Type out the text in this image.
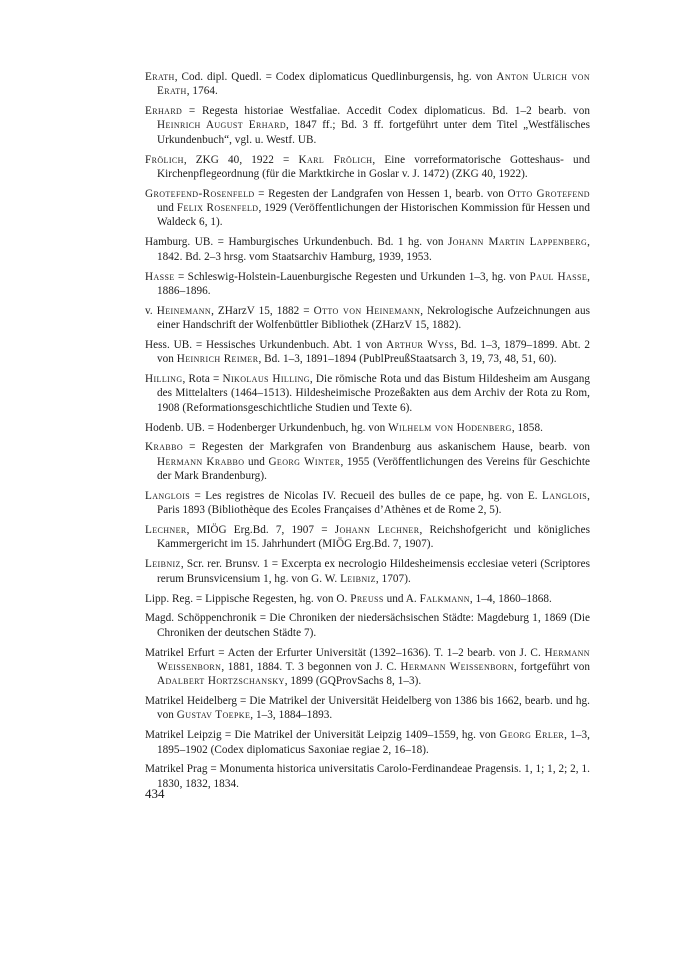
Erath, Cod. dipl. Quedl. = Codex diplomaticus Quedlinburgensis, hg. von Anton Ulrich von Erath, 1764.

Erhard = Regesta historiae Westfaliae. Accedit Codex diplomaticus. Bd. 1–2 bearb. von Heinrich August Erhard, 1847 ff.; Bd. 3 ff. fortgeführt unter dem Titel „Westfälisches Urkundenbuch“, vgl. u. Westf. UB.

Frölich, ZKG 40, 1922 = Karl Frölich, Eine vorreformatorische Gotteshaus- und Kirchenpflegeordnung (für die Marktkirche in Goslar v. J. 1472) (ZKG 40, 1922).

Grotefend-Rosenfeld = Regesten der Landgrafen von Hessen 1, bearb. von Otto Grotefend und Felix Rosenfeld, 1929 (Veröffentlichungen der Historischen Kommission für Hessen und Waldeck 6, 1).

Hamburg. UB. = Hamburgisches Urkundenbuch. Bd. 1 hg. von Johann Martin Lappenberg, 1842. Bd. 2–3 hrsg. vom Staatsarchiv Hamburg, 1939, 1953.

Hasse = Schleswig-Holstein-Lauenburgische Regesten und Urkunden 1–3, hg. von Paul Hasse, 1886–1896.

v. Heinemann, ZHarzV 15, 1882 = Otto von Heinemann, Nekrologische Aufzeichnungen aus einer Handschrift der Wolfenbüttler Bibliothek (ZHarzV 15, 1882).

Hess. UB. = Hessisches Urkundenbuch. Abt. 1 von Arthur Wyss, Bd. 1–3, 1879–1899. Abt. 2 von Heinrich Reimer, Bd. 1–3, 1891–1894 (PublPreußStaatsarch 3, 19, 73, 48, 51, 60).

Hilling, Rota = Nikolaus Hilling, Die römische Rota und das Bistum Hildesheim am Ausgang des Mittelalters (1464–1513). Hildesheimische Prozeßakten aus dem Archiv der Rota zu Rom, 1908 (Reformationsgeschichtliche Studien und Texte 6).

Hodenb. UB. = Hodenberger Urkundenbuch, hg. von Wilhelm von Hodenberg, 1858.

Krabbo = Regesten der Markgrafen von Brandenburg aus askanischem Hause, bearb. von Hermann Krabbo und Georg Winter, 1955 (Veröffentlichungen des Vereins für Geschichte der Mark Brandenburg).

Langlois = Les registres de Nicolas IV. Recueil des bulles de ce pape, hg. von E. Langlois, Paris 1893 (Bibliothèque des Ecoles Françaises d’Athènes et de Rome 2, 5).

Lechner, MIÖG Erg.Bd. 7, 1907 = Johann Lechner, Reichshofgericht und königliches Kammergericht im 15. Jahrhundert (MIÖG Erg.Bd. 7, 1907).

Leibniz, Scr. rer. Brunsv. 1 = Excerpta ex necrologio Hildesheimensis ecclesiae veteri (Scriptores rerum Brunsvicensium 1, hg. von G. W. Leibniz, 1707).

Lipp. Reg. = Lippische Regesten, hg. von O. Preuss und A. Falkmann, 1–4, 1860–1868.

Magd. Schöppenchronik = Die Chroniken der niedersächsischen Städte: Magdeburg 1, 1869 (Die Chroniken der deutschen Städte 7).

Matrikel Erfurt = Acten der Erfurter Universität (1392–1636). T. 1–2 bearb. von J. C. Hermann Weissenborn, 1881, 1884. T. 3 begonnen von J. C. Hermann Weissenborn, fortgeführt von Adalbert Hortzschansky, 1899 (GQProvSachs 8, 1–3).

Matrikel Heidelberg = Die Matrikel der Universität Heidelberg von 1386 bis 1662, bearb. und hg. von Gustav Toepke, 1–3, 1884–1893.

Matrikel Leipzig = Die Matrikel der Universität Leipzig 1409–1559, hg. von Georg Erler, 1–3, 1895–1902 (Codex diplomaticus Saxoniae regiae 2, 16–18).

Matrikel Prag = Monumenta historica universitatis Carolo-Ferdinandeae Pragensis. 1, 1; 1, 2; 2, 1. 1830, 1832, 1834.

434
